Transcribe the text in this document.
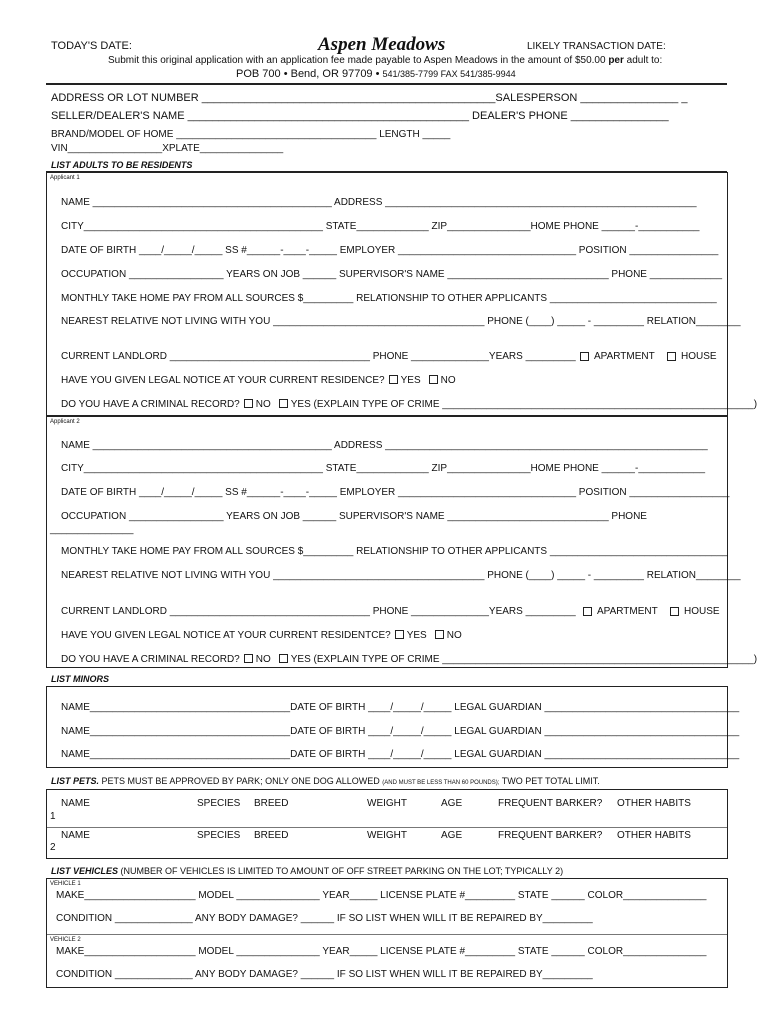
TODAY'S DATE:	Aspen Meadows	LIKELY TRANSACTION DATE:
Submit this original application with an application fee made payable to Aspen Meadows in the amount of $50.00 per adult to:
POB 700 • Bend, OR 97709 • 541/385-7799 FAX 541/385-9944
ADDRESS OR LOT NUMBER ________________________________________________SALESPERSON ________________ _
SELLER/DEALER'S NAME ______________________________________________ DEALER'S PHONE ________________
BRAND/MODEL OF HOME ____________________________________ LENGTH _____
VIN_________________XPLATE_______________
LIST ADULTS TO BE RESIDENTS
Applicant 1
NAME ___________________________________________ ADDRESS ________________________________________________________
CITY___________________________________________ STATE_____________ ZIP_______________HOME PHONE ______-___________
DATE OF BIRTH ____/_____/_____ SS #______-____-_____ EMPLOYER ________________________________ POSITION ________________
OCCUPATION _________________ YEARS ON JOB ______ SUPERVISOR'S NAME _____________________________ PHONE _____________
MONTHLY TAKE HOME PAY FROM ALL SOURCES $_________ RELATIONSHIP TO OTHER APPLICANTS ______________________________
NEAREST RELATIVE NOT LIVING WITH YOU ______________________________________ PHONE (____) _____ - _________ RELATION________
CURRENT LANDLORD ____________________________________ PHONE ______________YEARS _________ APARTMENT	HOUSE
HAVE YOU GIVEN LEGAL NOTICE AT YOUR CURRENT RESIDENCE? YES NO
DO YOU HAVE A CRIMINAL RECORD? NO YES (EXPLAIN TYPE OF CRIME ________________________________________________________)
Applicant 2
NAME ___________________________________________ ADDRESS __________________________________________________________
CITY___________________________________________ STATE_____________ ZIP_______________HOME PHONE ______-____________
DATE OF BIRTH ____/_____/_____ SS #______-____-_____ EMPLOYER ________________________________ POSITION __________________
OCCUPATION _________________ YEARS ON JOB ______ SUPERVISOR'S NAME _____________________________ PHONE
_______________
MONTHLY TAKE HOME PAY FROM ALL SOURCES $_________ RELATIONSHIP TO OTHER APPLICANTS ________________________________
NEAREST RELATIVE NOT LIVING WITH YOU ______________________________________ PHONE (____) _____ - _________ RELATION________
CURRENT LANDLORD ____________________________________ PHONE ______________YEARS _________ APARTMENT	HOUSE
HAVE YOU GIVEN LEGAL NOTICE AT YOUR CURRENT RESIDENTCE? YES NO
DO YOU HAVE A CRIMINAL RECORD? NO YES (EXPLAIN TYPE OF CRIME ________________________________________________________)
LIST MINORS
NAME____________________________________DATE OF BIRTH ____/_____/_____ LEGAL GUARDIAN ___________________________________
NAME____________________________________DATE OF BIRTH ____/_____/_____ LEGAL GUARDIAN ___________________________________
NAME____________________________________DATE OF BIRTH ____/_____/_____ LEGAL GUARDIAN ___________________________________
LIST PETS. PETS MUST BE APPROVED BY PARK; ONLY ONE DOG ALLOWED (AND MUST BE LESS THAN 60 POUNDS); TWO PET TOTAL LIMIT.
NAME	SPECIES BREED	WEIGHT	AGE	FREQUENT BARKER? OTHER HABITS
1
NAME	SPECIES BREED	WEIGHT	AGE	FREQUENT BARKER? OTHER HABITS
2
LIST VEHICLES (NUMBER OF VEHICLES IS LIMITED TO AMOUNT OF OFF STREET PARKING ON THE LOT; TYPICALLY 2)
VEHICLE 1
MAKE____________________ MODEL _______________ YEAR_____ LICENSE PLATE #_________ STATE ______ COLOR_______________
CONDITION ______________ ANY BODY DAMAGE? ______ IF SO LIST WHEN WILL IT BE REPAIRED BY_________
VEHICLE 2
MAKE____________________ MODEL _______________ YEAR_____ LICENSE PLATE #_________ STATE ______ COLOR_______________
CONDITION ______________ ANY BODY DAMAGE? ______ IF SO LIST WHEN WILL IT BE REPAIRED BY_________
